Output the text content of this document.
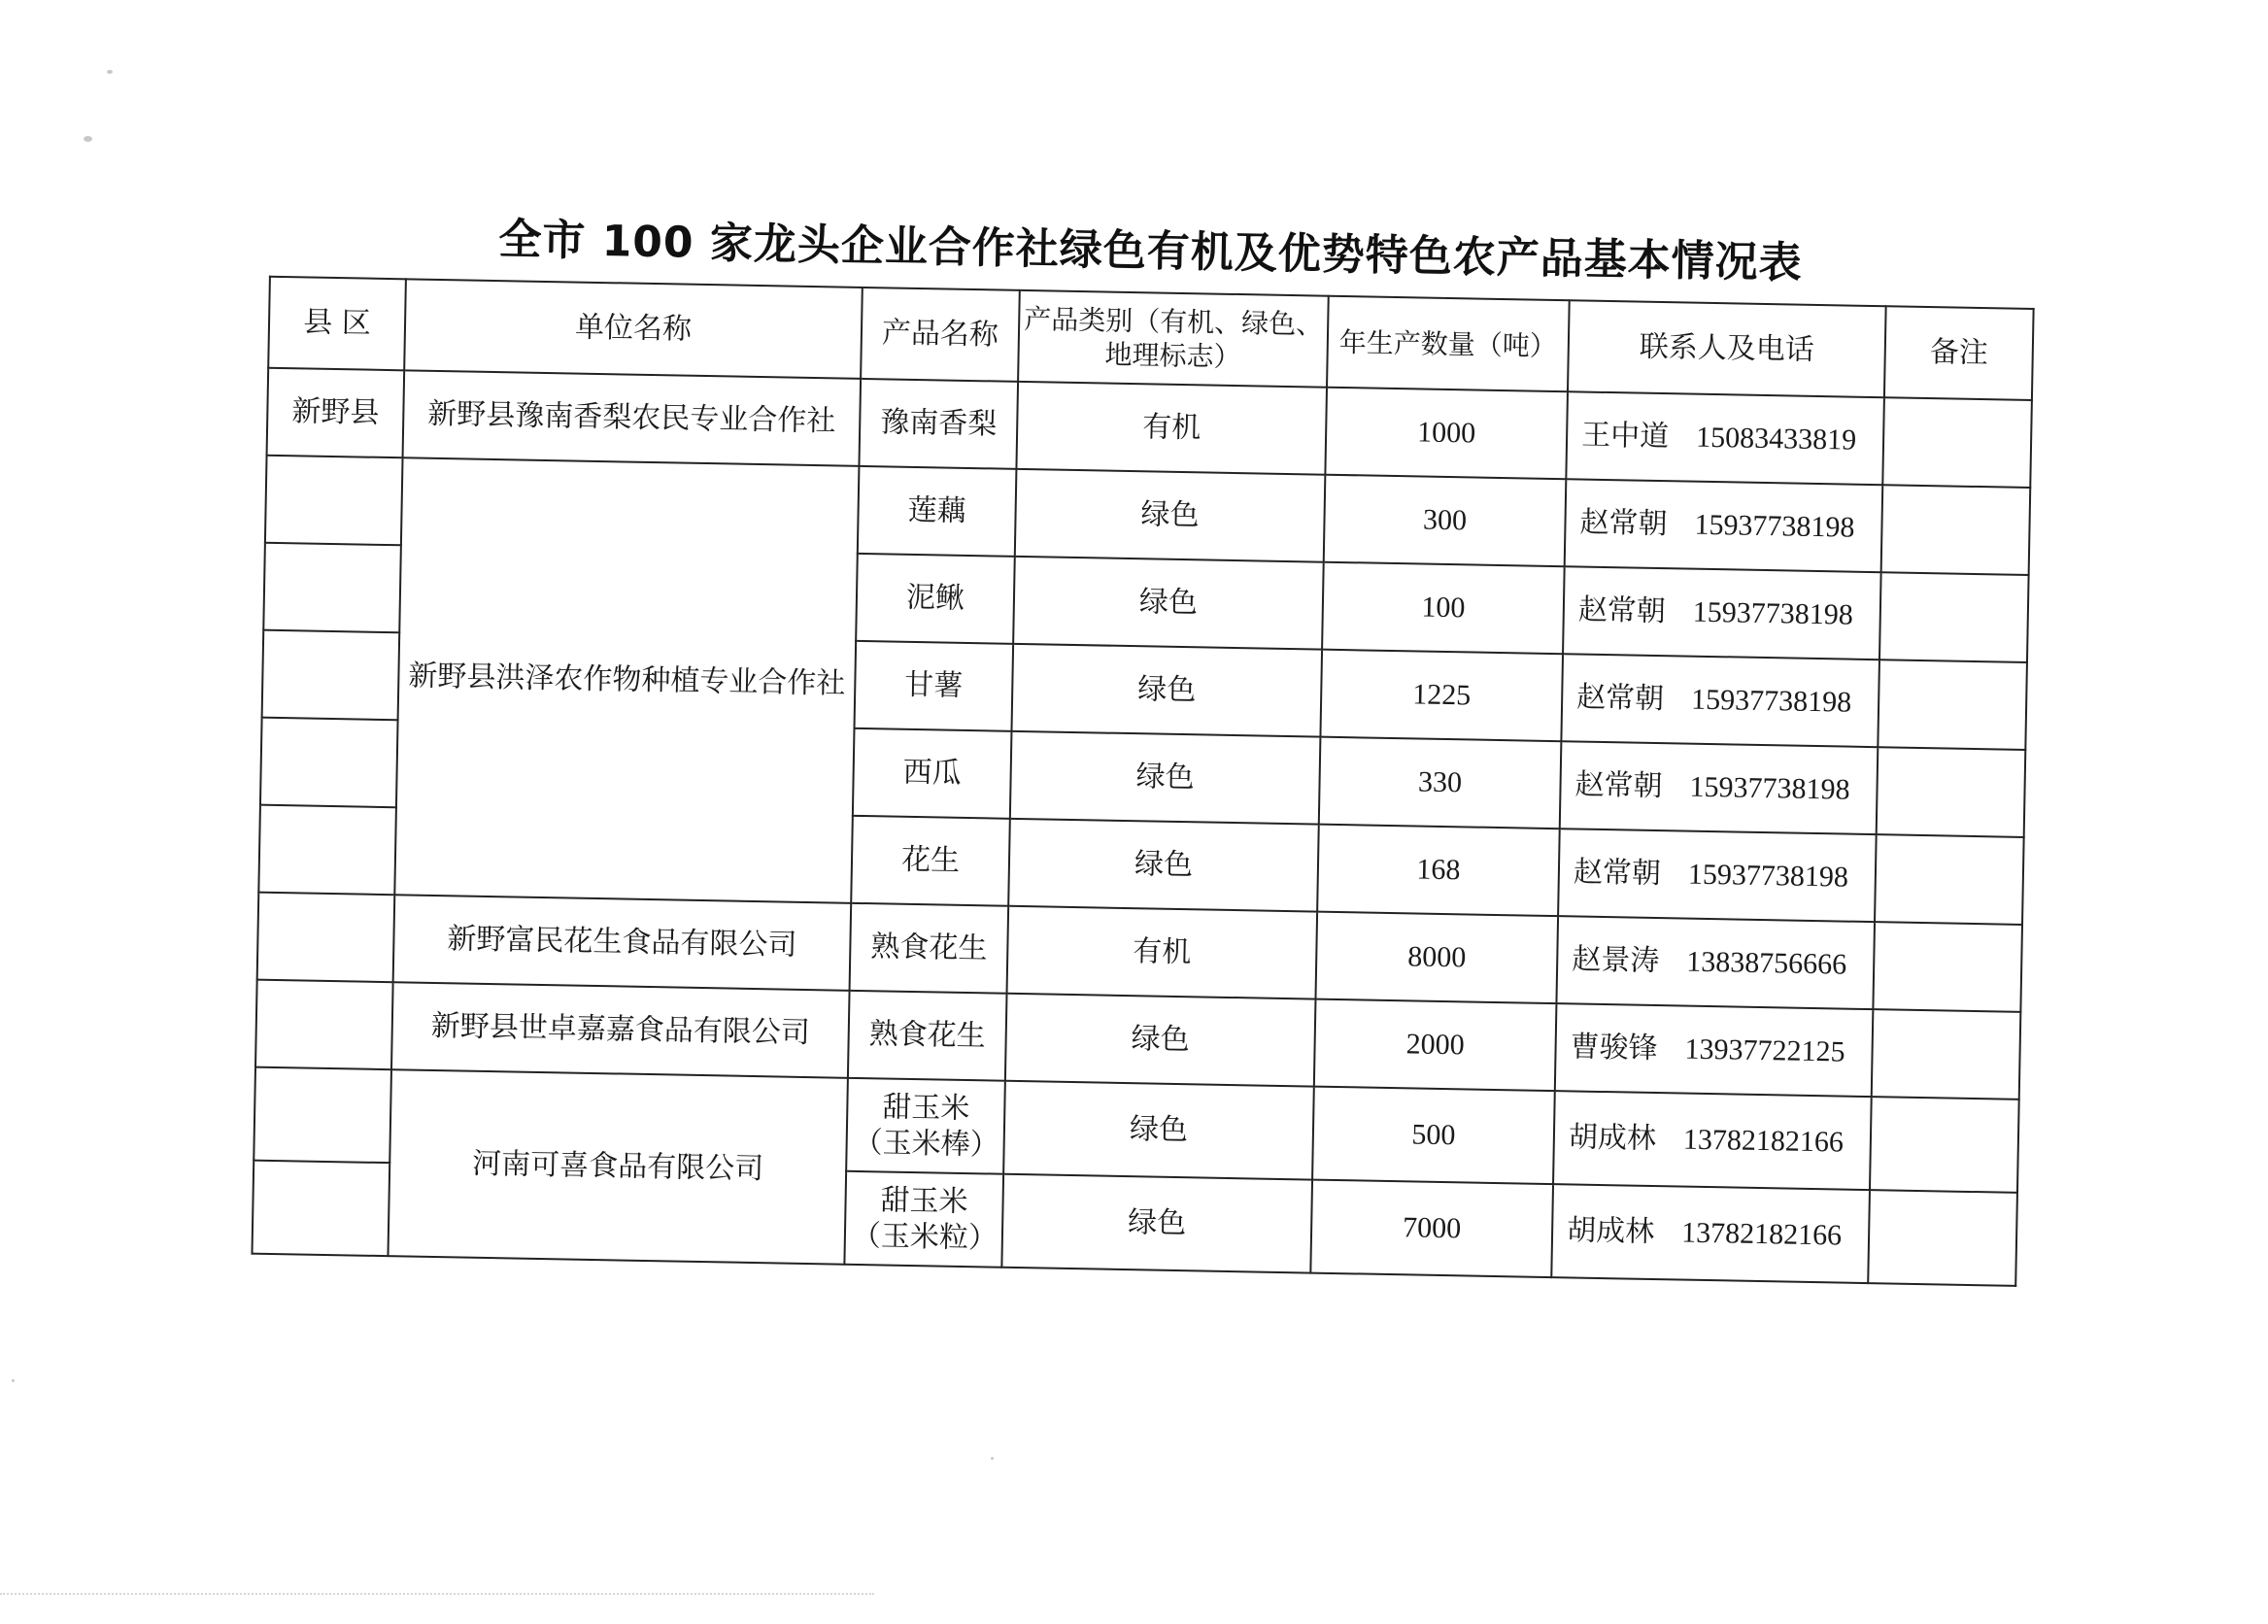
全市 100 家龙头企业合作社绿色有机及优势特色农产品基本情况表
县 区	单位名称	产品名称	产品类别（有机、绿色、地理标志）	年生产数量（吨）	联系人及电话	备注
新野县	新野县豫南香梨农民专业合作社	豫南香梨	有机	1000	王中道 15083433819	
	新野县洪泽农作物种植专业合作社	莲藕	绿色	300	赵常朝 15937738198	
		泥鳅	绿色	100	赵常朝 15937738198	
		甘薯	绿色	1225	赵常朝 15937738198	
		西瓜	绿色	330	赵常朝 15937738198	
		花生	绿色	168	赵常朝 15937738198	
	新野富民花生食品有限公司	熟食花生	有机	8000	赵景涛 13838756666	
	新野县世卓嘉嘉食品有限公司	熟食花生	绿色	2000	曹骏锋 13937722125	
	河南可喜食品有限公司	甜玉米（玉米棒）	绿色	500	胡成林 13782182166	
		甜玉米（玉米粒）	绿色	7000	胡成林 13782182166	
